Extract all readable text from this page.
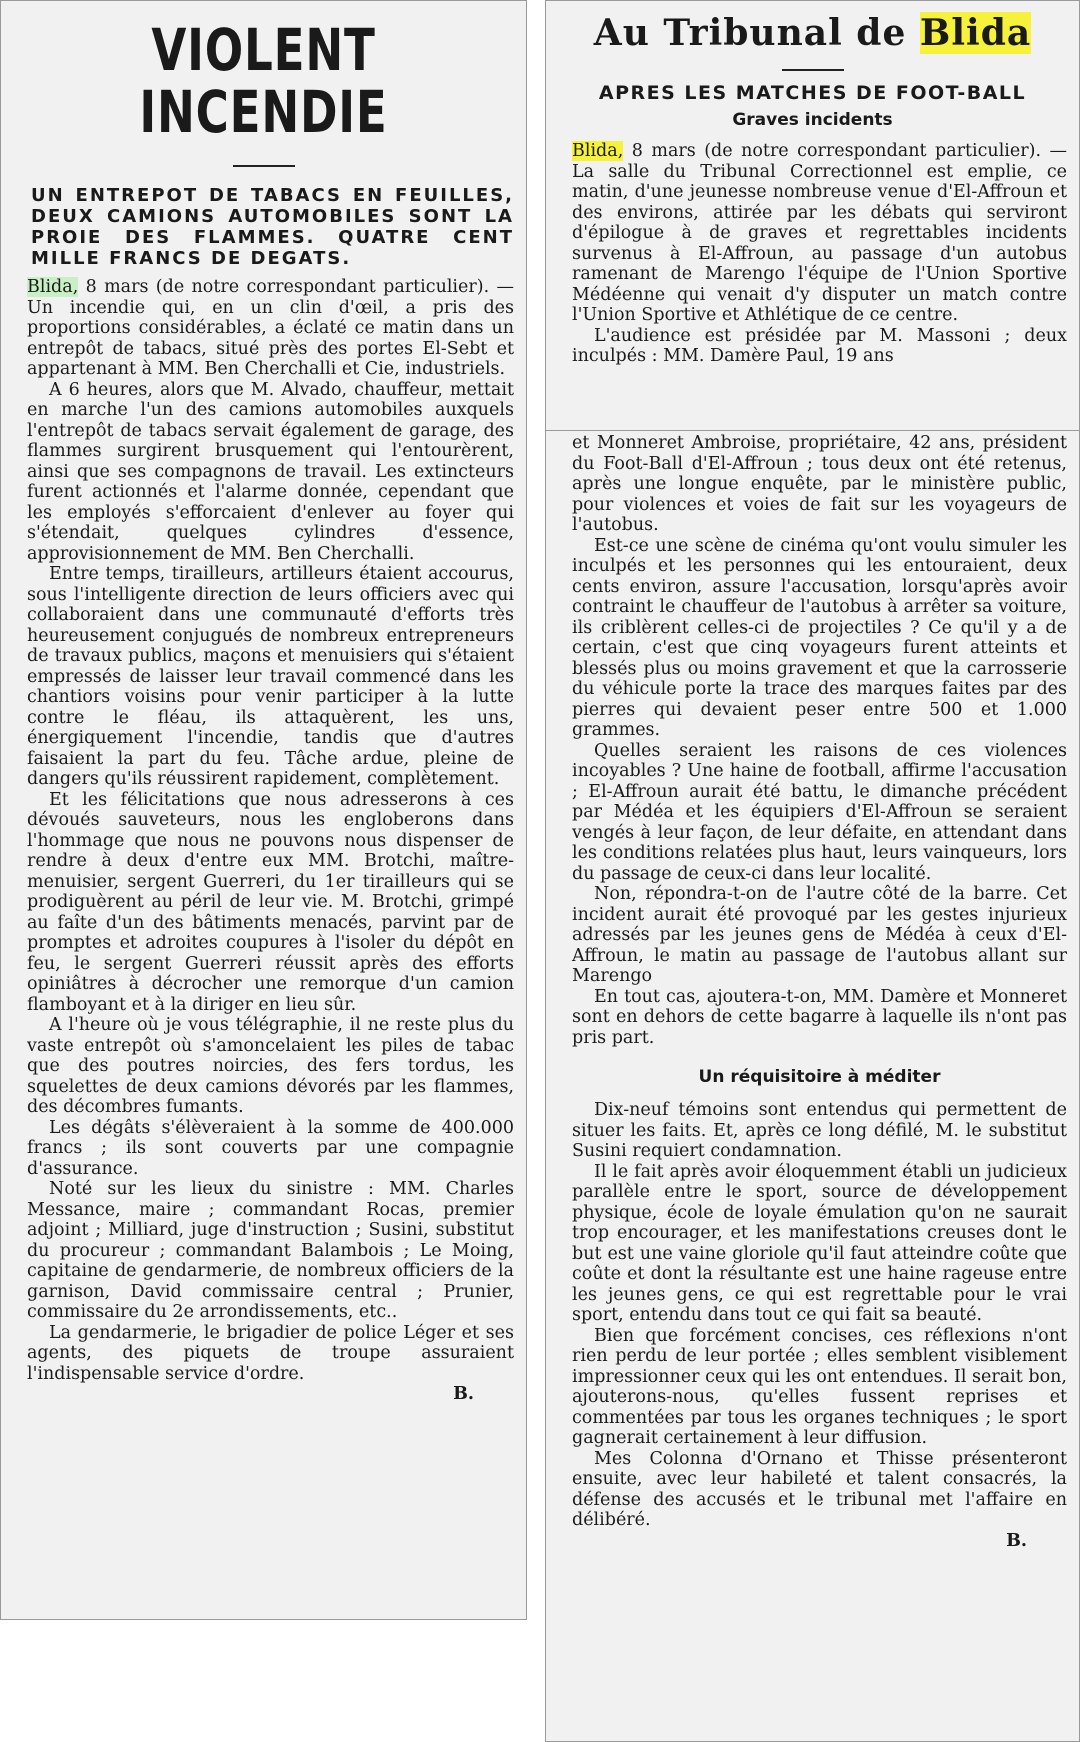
VIOLENT INCENDIE
UN ENTREPOT DE TABACS EN FEUILLES, DEUX CAMIONS AUTOMOBILES SONT LA PROIE DES FLAMMES. QUATRE CENT MILLE FRANCS DE DEGATS.

Blida, 8 mars (de notre correspondant particulier). — Un incendie qui, en un clin d'œil, a pris des proportions considérables, a éclaté ce matin dans un entrepôt de tabacs, situé près des portes El-Sebt et appartenant à MM. Ben Cherchalli et Cie, industriels.

A 6 heures, alors que M. Alvado, chauffeur, mettait en marche l'un des camions automobiles auxquels l'entrepôt de tabacs servait également de garage, des flammes surgirent brusquement qui l'entourèrent, ainsi que ses compagnons de travail. Les extincteurs furent actionnés et l'alarme donnée, cependant que les employés s'efforcaient d'enlever au foyer qui s'étendait, quelques cylindres d'essence, approvisionnement de MM. Ben Cherchalli.

Entre temps, tirailleurs, artilleurs étaient accourus, sous l'intelligente direction de leurs officiers avec qui collaboraient dans une communauté d'efforts très heureusement conjugués de nombreux entrepreneurs de travaux publics, maçons et menuisiers qui s'étaient empressés de laisser leur travail commencé dans les chantiors voisins pour venir participer à la lutte contre le fléau, ils attaquèrent, les uns, énergiquement l'incendie, tandis que d'autres faisaient la part du feu. Tâche ardue, pleine de dangers qu'ils réussirent rapidement, complètement.

Et les félicitations que nous adresserons à ces dévoués sauveteurs, nous les engloberons dans l'hommage que nous ne pouvons nous dispenser de rendre à deux d'entre eux MM. Brotchi, maître-menuisier, sergent Guerreri, du 1er tirailleurs qui se prodiguèrent au péril de leur vie. M. Brotchi, grimpé au faîte d'un des bâtiments menacés, parvint par de promptes et adroites coupures à l'isoler du dépôt en feu, le sergent Guerreri réussit après des efforts opiniâtres à décrocher une remorque d'un camion flamboyant et à la diriger en lieu sûr.

A l'heure où je vous télégraphie, il ne reste plus du vaste entrepôt où s'amoncelaient les piles de tabac que des poutres noircies, des fers tordus, les squelettes de deux camions dévorés par les flammes, des décombres fumants.

Les dégâts s'élèveraient à la somme de 400.000 francs ; ils sont couverts par une compagnie d'assurance.

Noté sur les lieux du sinistre : MM. Charles Messance, maire ; commandant Rocas, premier adjoint ; Milliard, juge d'instruction ; Susini, substitut du procureur ; commandant Balambois ; Le Moing, capitaine de gendarmerie, de nombreux officiers de la garnison, David commissaire central ; Prunier, commissaire du 2e arrondissements, etc..

La gendarmerie, le brigadier de police Léger et ses agents, des piquets de troupe assuraient l'indispensable service d'ordre.

B.

Au Tribunal de Blida
APRES LES MATCHES DE FOOT-BALL
Graves incidents

Blida, 8 mars (de notre correspondant particulier). — La salle du Tribunal Correctionnel est emplie, ce matin, d'une jeunesse nombreuse venue d'El-Affroun et des environs, attirée par les débats qui serviront d'épilogue à de graves et regrettables incidents survenus à El-Affroun, au passage d'un autobus ramenant de Marengo l'équipe de l'Union Sportive Médéenne qui venait d'y disputer un match contre l'Union Sportive et Athlétique de ce centre.

L'audience est présidée par M. Massoni ; deux inculpés : MM. Damère Paul, 19 ans

et Monneret Ambroise, propriétaire, 42 ans, président du Foot-Ball d'El-Affroun ; tous deux ont été retenus, après une longue enquête, par le ministère public, pour violences et voies de fait sur les voyageurs de l'autobus.

Est-ce une scène de cinéma qu'ont voulu simuler les inculpés et les personnes qui les entouraient, deux cents environ, assure l'accusation, lorsqu'après avoir contraint le chauffeur de l'autobus à arrêter sa voiture, ils criblèrent celles-ci de projectiles ? Ce qu'il y a de certain, c'est que cinq voyageurs furent atteints et blessés plus ou moins gravement et que la carrosserie du véhicule porte la trace des marques faites par des pierres qui devaient peser entre 500 et 1.000 grammes.

Quelles seraient les raisons de ces violences incoyables ? Une haine de football, affirme l'accusation ; El-Affroun aurait été battu, le dimanche précédent par Médéa et les équipiers d'El-Affroun se seraient vengés à leur façon, de leur défaite, en attendant dans les conditions relatées plus haut, leurs vainqueurs, lors du passage de ceux-ci dans leur localité.

Non, répondra-t-on de l'autre côté de la barre. Cet incident aurait été provoqué par les gestes injurieux adressés par les jeunes gens de Médéa à ceux d'El-Affroun, le matin au passage de l'autobus allant sur Marengo

En tout cas, ajoutera-t-on, MM. Damère et Monneret sont en dehors de cette bagarre à laquelle ils n'ont pas pris part.

Un réquisitoire à méditer

Dix-neuf témoins sont entendus qui permettent de situer les faits. Et, après ce long défilé, M. le substitut Susini requiert condamnation.

Il le fait après avoir éloquemment établi un judicieux parallèle entre le sport, source de développement physique, école de loyale émulation qu'on ne saurait trop encourager, et les manifestations creuses dont le but est une vaine gloriole qu'il faut atteindre coûte que coûte et dont la résultante est une haine rageuse entre les jeunes gens, ce qui est regrettable pour le vrai sport, entendu dans tout ce qui fait sa beauté.

Bien que forcément concises, ces réflexions n'ont rien perdu de leur portée ; elles semblent visiblement impressionner ceux qui les ont entendues. Il serait bon, ajouterons-nous, qu'elles fussent reprises et commentées par tous les organes techniques ; le sport gagnerait certainement à leur diffusion.

Mes Colonna d'Ornano et Thisse présenteront ensuite, avec leur habileté et talent consacrés, la défense des accusés et le tribunal met l'affaire en délibéré.

B.
